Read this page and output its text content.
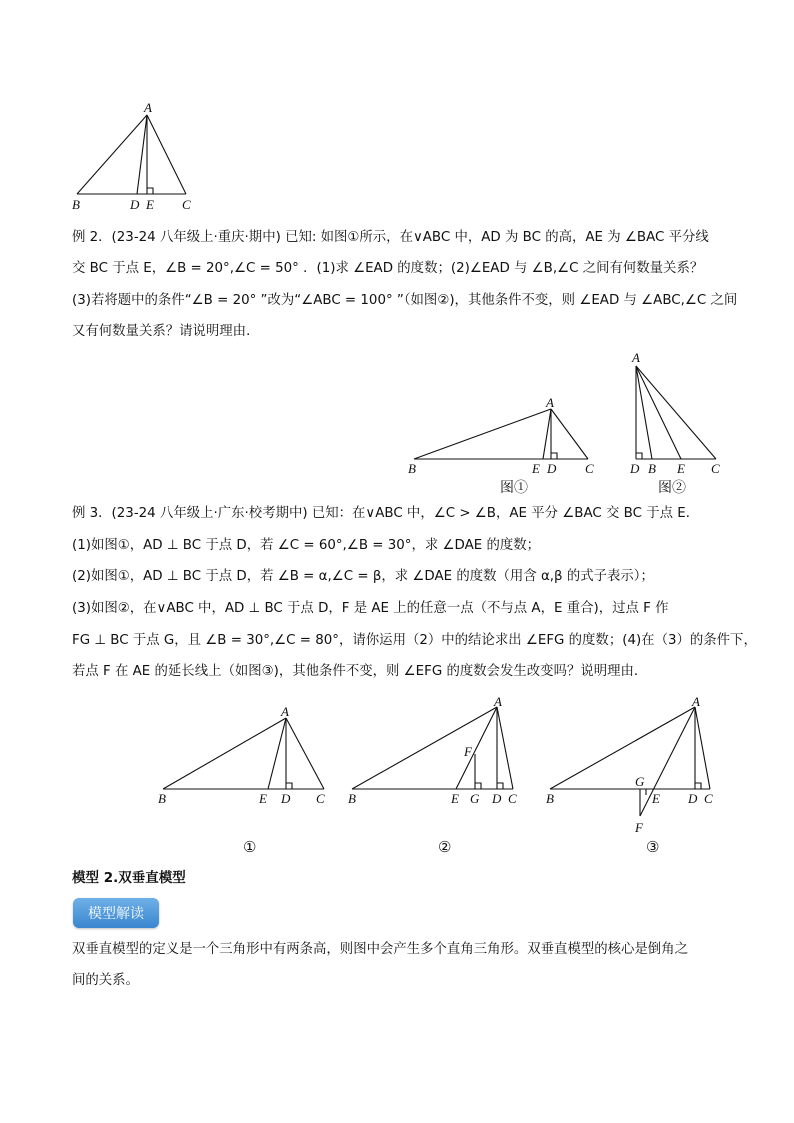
A
B	D E C
例 2．(23-24 八年级上·重庆·期中) 已知: 如图①所示，在∨ABC 中，AD 为 BC 的高，AE 为 ∠BAC 平分线
交 BC 于点 E，∠B = 20°,∠C = 50° ．(1)求 ∠EAD 的度数；(2)∠EAD 与 ∠B,∠C 之间有何数量关系？
(3)若将题中的条件“∠B = 20° ”改为“∠ABC = 100° ”（如图②)，其他条件不变，则 ∠EAD 与 ∠ABC,∠C 之间
又有何数量关系？请说明理由．
A
B	E D C
图①
A
D B E C
图②
例 3．(23-24 八年级上·广东·校考期中) 已知：在∨ABC 中，∠C > ∠B，AE 平分 ∠BAC 交 BC 于点 E．
(1)如图①，AD ⊥ BC 于点 D，若 ∠C = 60°,∠B = 30°，求 ∠DAE 的度数；
(2)如图①，AD ⊥ BC 于点 D，若 ∠B = α,∠C = β，求 ∠DAE 的度数（用含 α,β 的式子表示）；
(3)如图②，在∨ABC 中，AD ⊥ BC 于点 D，F 是 AE 上的任意一点（不与点 A，E 重合)，过点 F 作
FG ⊥ BC 于点 G，且 ∠B = 30°,∠C = 80°，请你运用（2）中的结论求出 ∠EFG 的度数；(4)在（3）的条件下，
若点 F 在 AE 的延长线上（如图③)，其他条件不变，则 ∠EFG 的度数会发生改变吗？说明理由．
A
B	E D C
①
A
F
B	E G D C
②
A
G
B	E D C
F
③
模型 2.双垂直模型
模型解读
双垂直模型的定义是一个三角形中有两条高，则图中会产生多个直角三角形。双垂直模型的核心是倒角之
间的关系。
